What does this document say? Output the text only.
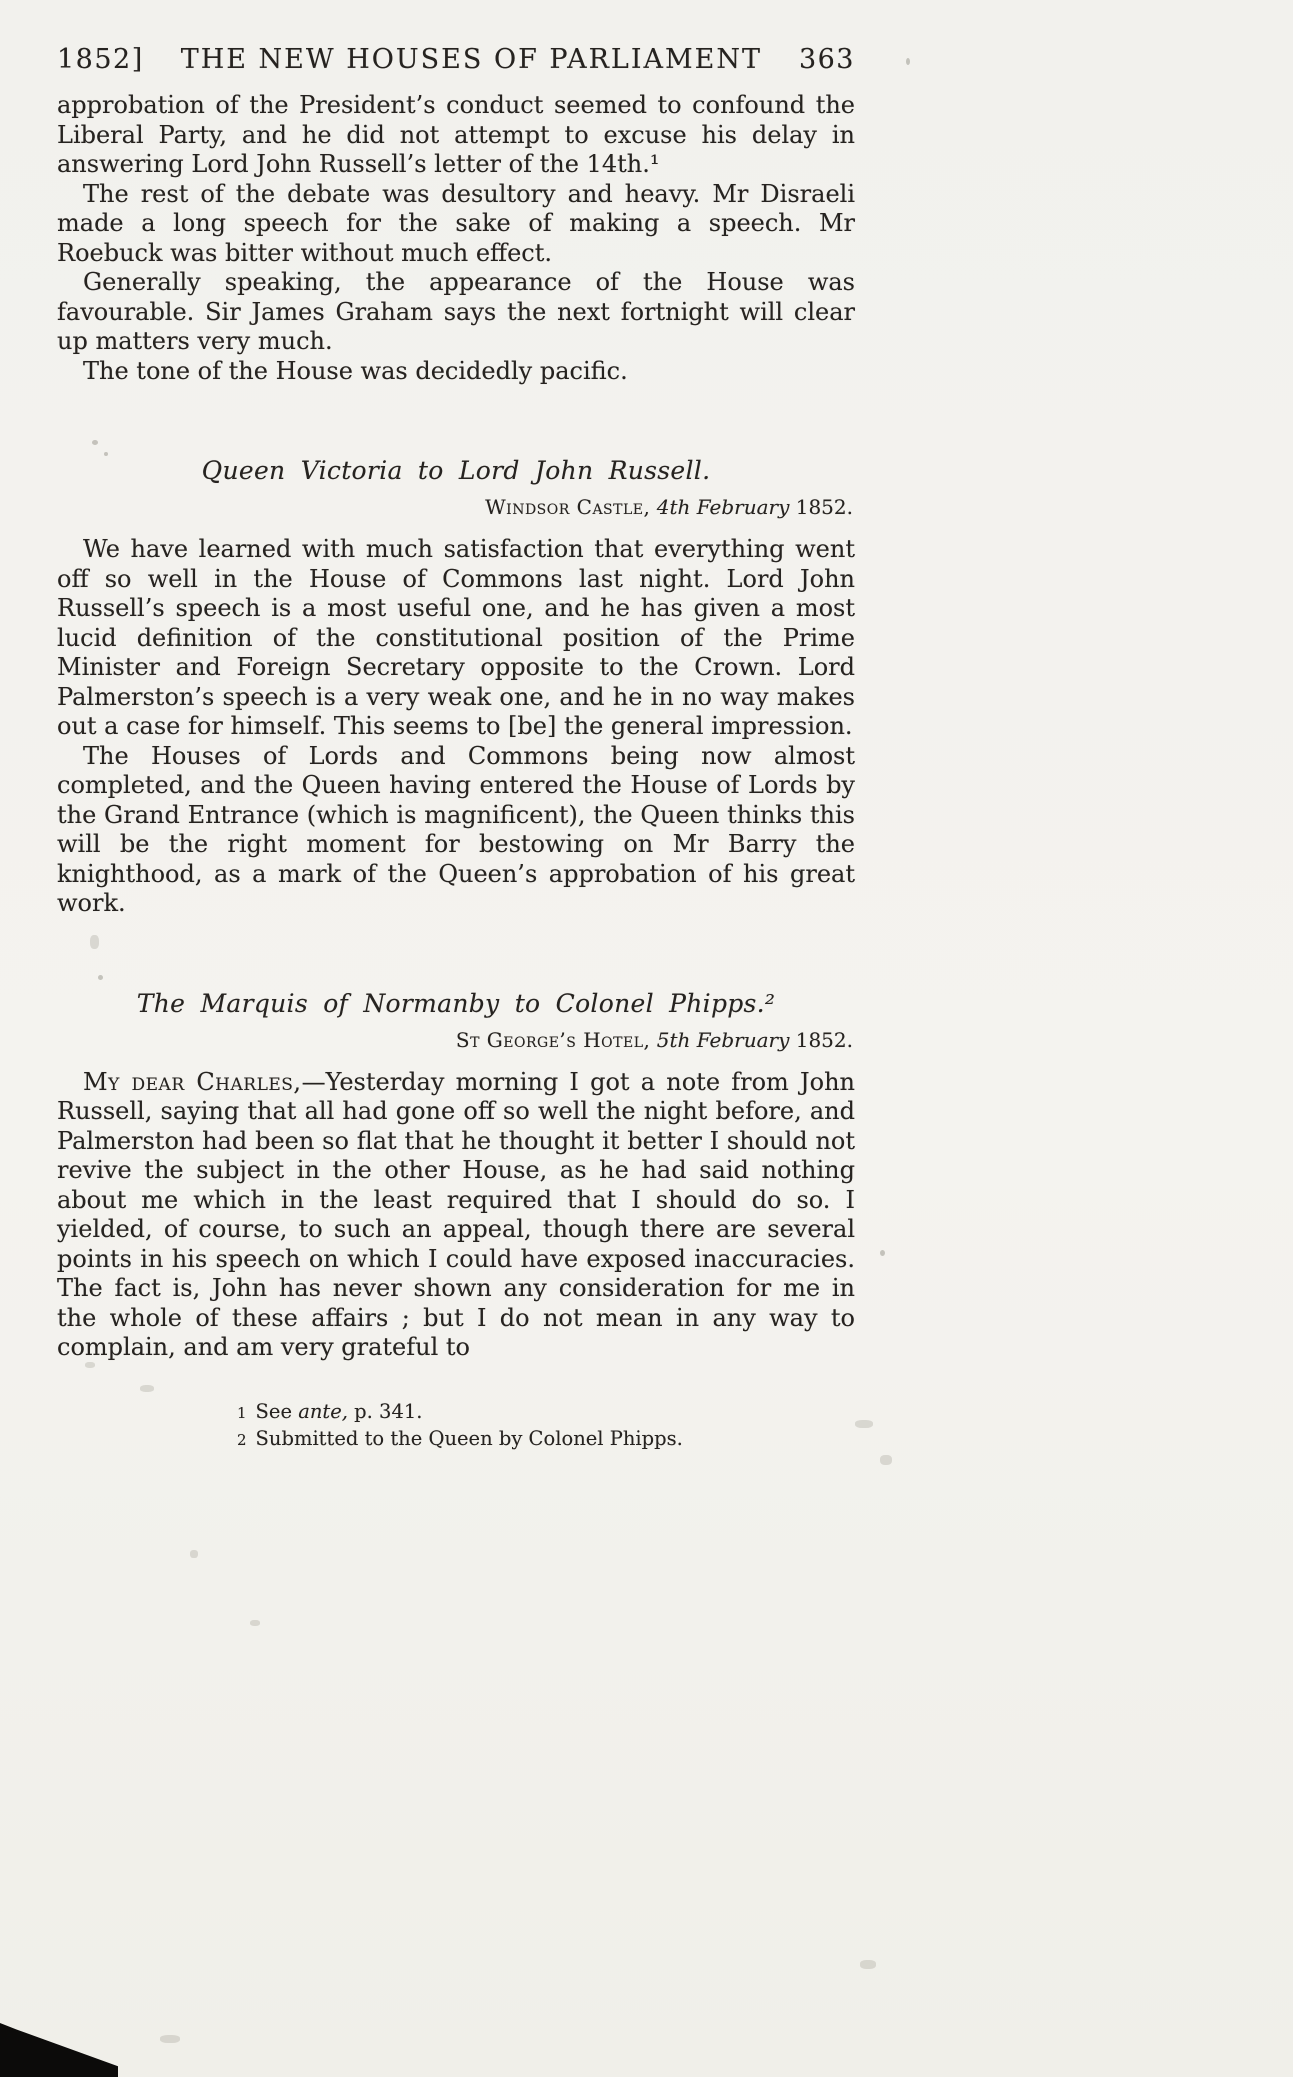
1852] THE NEW HOUSES OF PARLIAMENT 363

approbation of the President’s conduct seemed to confound the Liberal Party, and he did not attempt to excuse his delay in answering Lord John Russell’s letter of the 14th.¹

The rest of the debate was desultory and heavy. Mr Disraeli made a long speech for the sake of making a speech. Mr Roebuck was bitter without much effect.

Generally speaking, the appearance of the House was favourable. Sir James Graham says the next fortnight will clear up matters very much.

The tone of the House was decidedly pacific.

Queen Victoria to Lord John Russell.
Windsor Castle, 4th February 1852.

We have learned with much satisfaction that everything went off so well in the House of Commons last night. Lord John Russell’s speech is a most useful one, and he has given a most lucid definition of the constitutional position of the Prime Minister and Foreign Secretary opposite to the Crown. Lord Palmerston’s speech is a very weak one, and he in no way makes out a case for himself. This seems to [be] the general impression.

The Houses of Lords and Commons being now almost completed, and the Queen having entered the House of Lords by the Grand Entrance (which is magnificent), the Queen thinks this will be the right moment for bestowing on Mr Barry the knighthood, as a mark of the Queen’s approbation of his great work.

The Marquis of Normanby to Colonel Phipps.²
St George’s Hotel, 5th February 1852.

My dear Charles,—Yesterday morning I got a note from John Russell, saying that all had gone off so well the night before, and Palmerston had been so flat that he thought it better I should not revive the subject in the other House, as he had said nothing about me which in the least required that I should do so. I yielded, of course, to such an appeal, though there are several points in his speech on which I could have exposed inaccuracies. The fact is, John has never shown any consideration for me in the whole of these affairs ; but I do not mean in any way to complain, and am very grateful to

1 See ante, p. 341.
2 Submitted to the Queen by Colonel Phipps.
